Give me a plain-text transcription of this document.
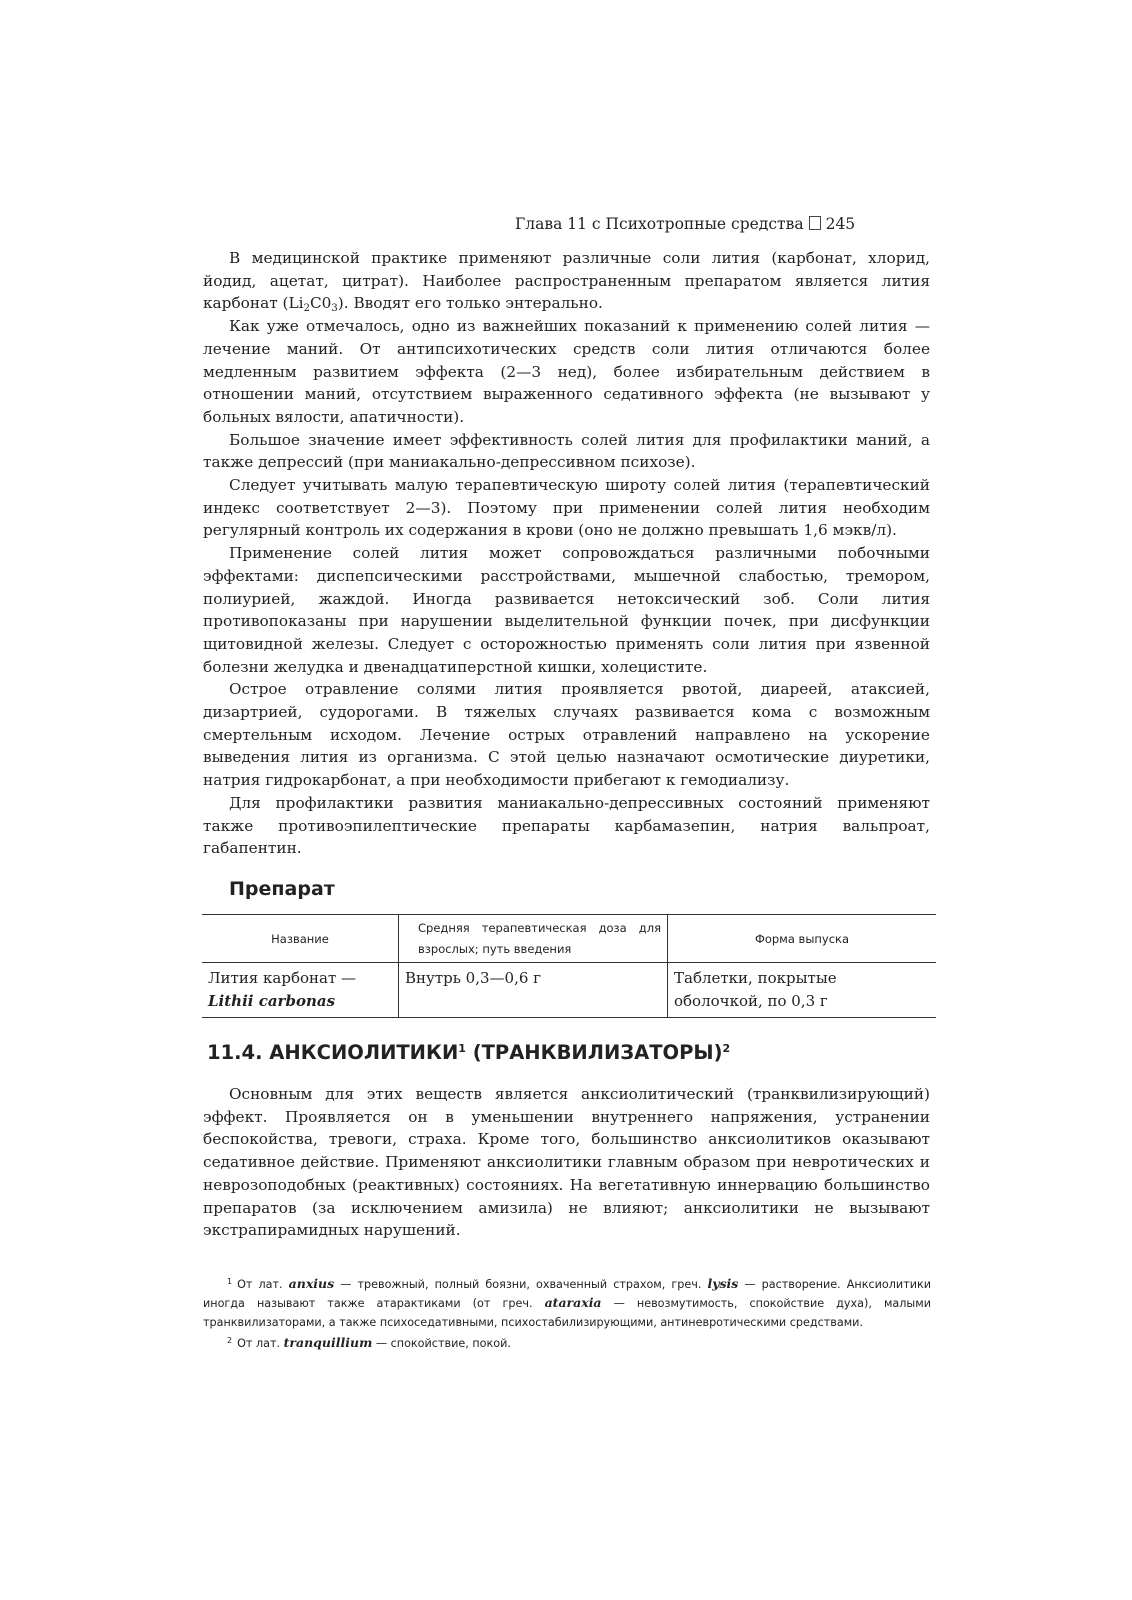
Глава 11 с Психотропные средства 245

В медицинской практике применяют различные соли лития (карбонат, хлорид, йодид, ацетат, цитрат). Наиболее распространенным препаратом является лития карбонат $(Li_2C0_3)$. Вводят его только энтерально.

Как уже отмечалось, одно из важнейших показаний к применению солей лития — лечение маний. От антипсихотических средств соли лития отличаются более медленным развитием эффекта (2—3 нед), более избирательным действием в отношении маний, отсутствием выраженного седативного эффекта (не вызывают у больных вялости, апатичности).

Большое значение имеет эффективность солей лития для профилактики маний, а также депрессий (при маниакально-депрессивном психозе).

Следует учитывать малую терапевтическую широту солей лития (терапевтический индекс соответствует 2—3). Поэтому при применении солей лития необходим регулярный контроль их содержания в крови (оно не должно превышать 1,6 мэкв/л).

Применение солей лития может сопровождаться различными побочными эффектами: диспепсическими расстройствами, мышечной слабостью, тремором, полиурией, жаждой. Иногда развивается нетоксический зоб. Соли лития противопоказаны при нарушении выделительной функции почек, при дисфункции щитовидной железы. Следует с осторожностью применять соли лития при язвенной болезни желудка и двенадцатиперстной кишки, холецистите.

Острое отравление солями лития проявляется рвотой, диареей, атаксией, дизартрией, судорогами. В тяжелых случаях развивается кома с возможным смертельным исходом. Лечение острых отравлений направлено на ускорение выведения лития из организма. С этой целью назначают осмотические диуретики, натрия гидрокарбонат, а при необходимости прибегают к гемодиализу.

Для профилактики развития маниакально-депрессивных состояний применяют также противоэпилептические препараты карбамазепин, натрия вальпроат, габапентин.

Препарат
Название	Средняя терапевтическая доза для взрослых; путь введения	Форма выпуска
Лития карбонат —Lithii carbonas	Внутрь 0,3—0,6 г	Таблетки, покрытые оболочкой, по 0,3 г
11.4. АНКСИОЛИТИКИ$^1$ (ТРАНКВИЛИЗАТОРЫ)$^2$

Основным для этих веществ является анксиолитический (транквилизирующий) эффект. Проявляется он в уменьшении внутреннего напряжения, устранении беспокойства, тревоги, страха. Кроме того, большинство анксиолитиков оказывают седативное действие. Применяют анксиолитики главным образом при невротических и неврозоподобных (реактивных) состояниях. На вегетативную иннервацию большинство препаратов (за исключением амизила) не влияют; анксиолитики не вызывают экстрапирамидных нарушений.

$^1$ От лат. anxius — тревожный, полный боязни, охваченный страхом, греч. lysis — растворение. Анксиолитики иногда называют также атарактиками (от греч. ataraxia — невозмутимость, спокойствие духа), малыми транквилизаторами, а также психоседативными, психостабилизирующими, антиневротическими средствами.

$^2$ От лат. tranquillium — спокойствие, покой.
